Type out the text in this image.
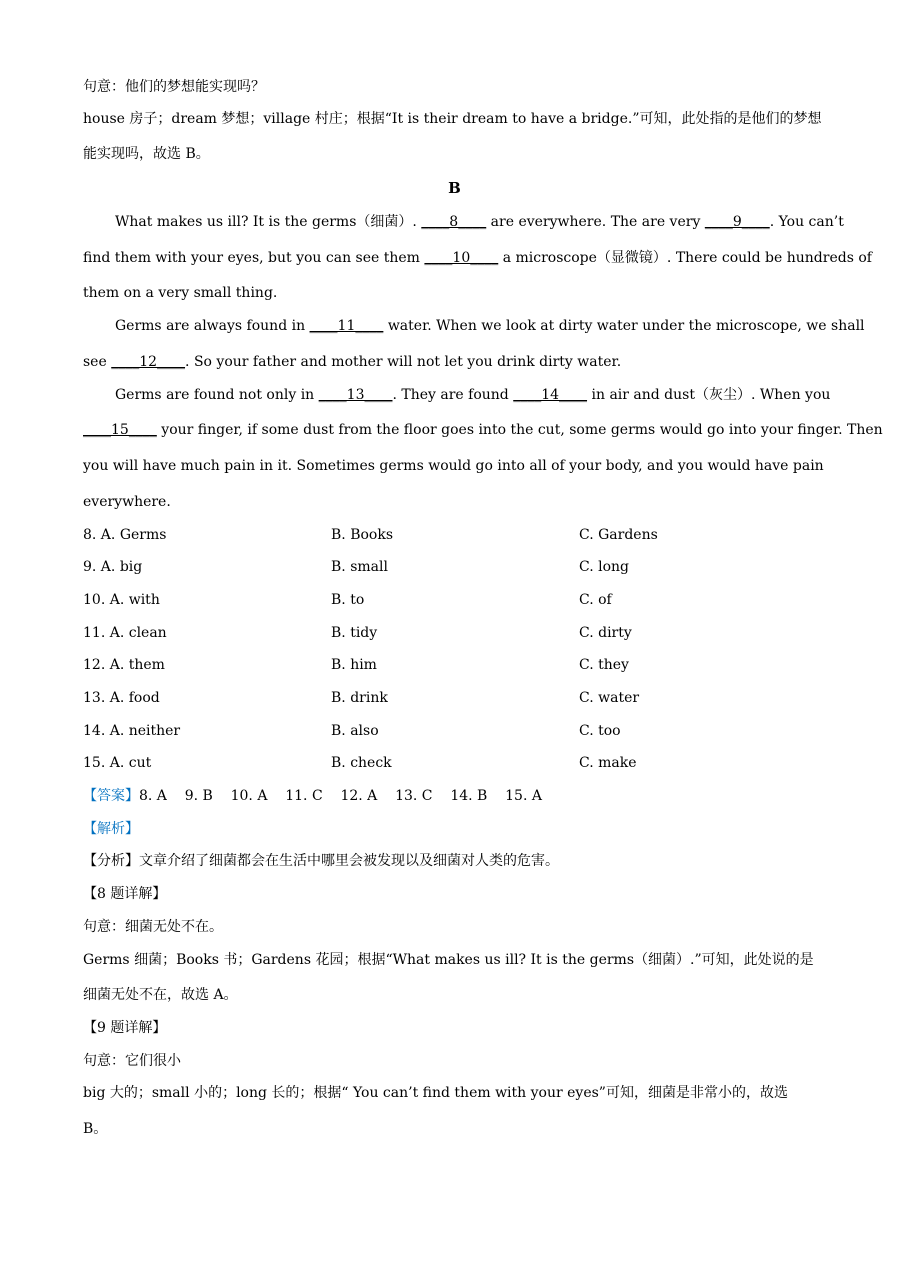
句意：他们的梦想能实现吗？
house 房子；dream 梦想；village 村庄；根据“It is their dream to have a bridge.”可知，此处指的是他们的梦想
能实现吗，故选 B。
B
What makes us ill? It is the germs（细菌）. ____8____ are everywhere. The are very ____9____. You can’t
find them with your eyes, but you can see them ____10____ a microscope（显微镜）. There could be hundreds of
them on a very small thing.
Germs are always found in ____11____ water. When we look at dirty water under the microscope, we shall
see ____12____. So your father and mother will not let you drink dirty water.
Germs are found not only in ____13____. They are found ____14____ in air and dust（灰尘）. When you
____15____ your finger, if some dust from the floor goes into the cut, some germs would go into your finger. Then
you will have much pain in it. Sometimes germs would go into all of your body, and you would have pain
everywhere.
8. A. Germs	B. Books	C. Gardens
9. A. big	B. small	C. long
10. A. with	B. to	C. of
11. A. clean	B. tidy	C. dirty
12. A. them	B. him	C. they
13. A. food	B. drink	C. water
14. A. neither	B. also	C. too
15. A. cut	B. check	C. make
【答案】8. A    9. B    10. A    11. C    12. A    13. C    14. B    15. A
【解析】
【分析】文章介绍了细菌都会在生活中哪里会被发现以及细菌对人类的危害。
【8 题详解】
句意：细菌无处不在。
Germs 细菌；Books 书；Gardens 花园；根据“What makes us ill? It is the germs（细菌）.”可知，此处说的是
细菌无处不在，故选 A。
【9 题详解】
句意：它们很小
big 大的；small 小的；long 长的；根据“ You can’t find them with your eyes”可知，细菌是非常小的，故选
B。
